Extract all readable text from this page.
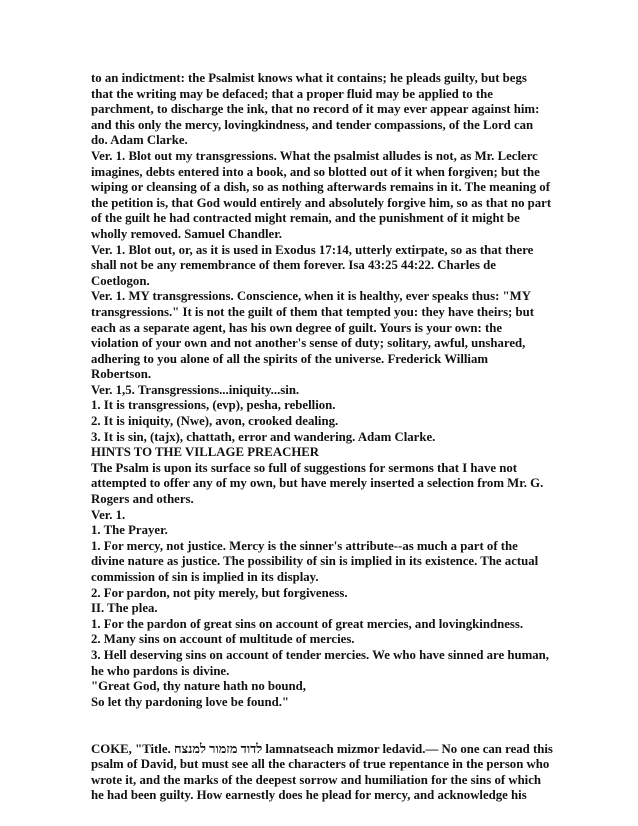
to an indictment: the Psalmist knows what it contains; he pleads guilty, but begs
that the writing may be defaced; that a proper fluid may be applied to the
parchment, to discharge the ink, that no record of it may ever appear against him:
and this only the mercy, lovingkindness, and tender compassions, of the Lord can
do. Adam Clarke.
Ver. 1. Blot out my transgressions. What the psalmist alludes is not, as Mr. Leclerc
imagines, debts entered into a book, and so blotted out of it when forgiven; but the
wiping or cleansing of a dish, so as nothing afterwards remains in it. The meaning of
the petition is, that God would entirely and absolutely forgive him, so as that no part
of the guilt he had contracted might remain, and the punishment of it might be
wholly removed. Samuel Chandler.
Ver. 1. Blot out, or, as it is used in Exodus 17:14, utterly extirpate, so as that there
shall not be any remembrance of them forever. Isa 43:25 44:22. Charles de
Coetlogon.
Ver. 1. MY transgressions. Conscience, when it is healthy, ever speaks thus: "MY
transgressions." It is not the guilt of them that tempted you: they have theirs; but
each as a separate agent, has his own degree of guilt. Yours is your own: the
violation of your own and not another's sense of duty; solitary, awful, unshared,
adhering to you alone of all the spirits of the universe. Frederick William
Robertson.
Ver. 1,5. Transgressions...iniquity...sin.
1. It is transgressions, (evp), pesha, rebellion.
2. It is iniquity, (Nwe), avon, crooked dealing.
3. It is sin, (tajx), chattath, error and wandering. Adam Clarke.
HINTS TO THE VILLAGE PREACHER
The Psalm is upon its surface so full of suggestions for sermons that I have not
attempted to offer any of my own, but have merely inserted a selection from Mr. G.
Rogers and others.
Ver. 1.
1. The Prayer.
1. For mercy, not justice. Mercy is the sinner's attribute--as much a part of the
divine nature as justice. The possibility of sin is implied in its existence. The actual
commission of sin is implied in its display.
2. For pardon, not pity merely, but forgiveness.
II. The plea.
1. For the pardon of great sins on account of great mercies, and lovingkindness.
2. Many sins on account of multitude of mercies.
3. Hell deserving sins on account of tender mercies. We who have sinned are human,
he who pardons is divine.
"Great God, thy nature hath no bound,
So let thy pardoning love be found."
COKE, "Title. לדוד מזמור למנצח lamnatseach mizmor ledavid.— No one can read this
psalm of David, but must see all the characters of true repentance in the person who
wrote it, and the marks of the deepest sorrow and humiliation for the sins of which
he had been guilty. How earnestly does he plead for mercy, and acknowledge his
